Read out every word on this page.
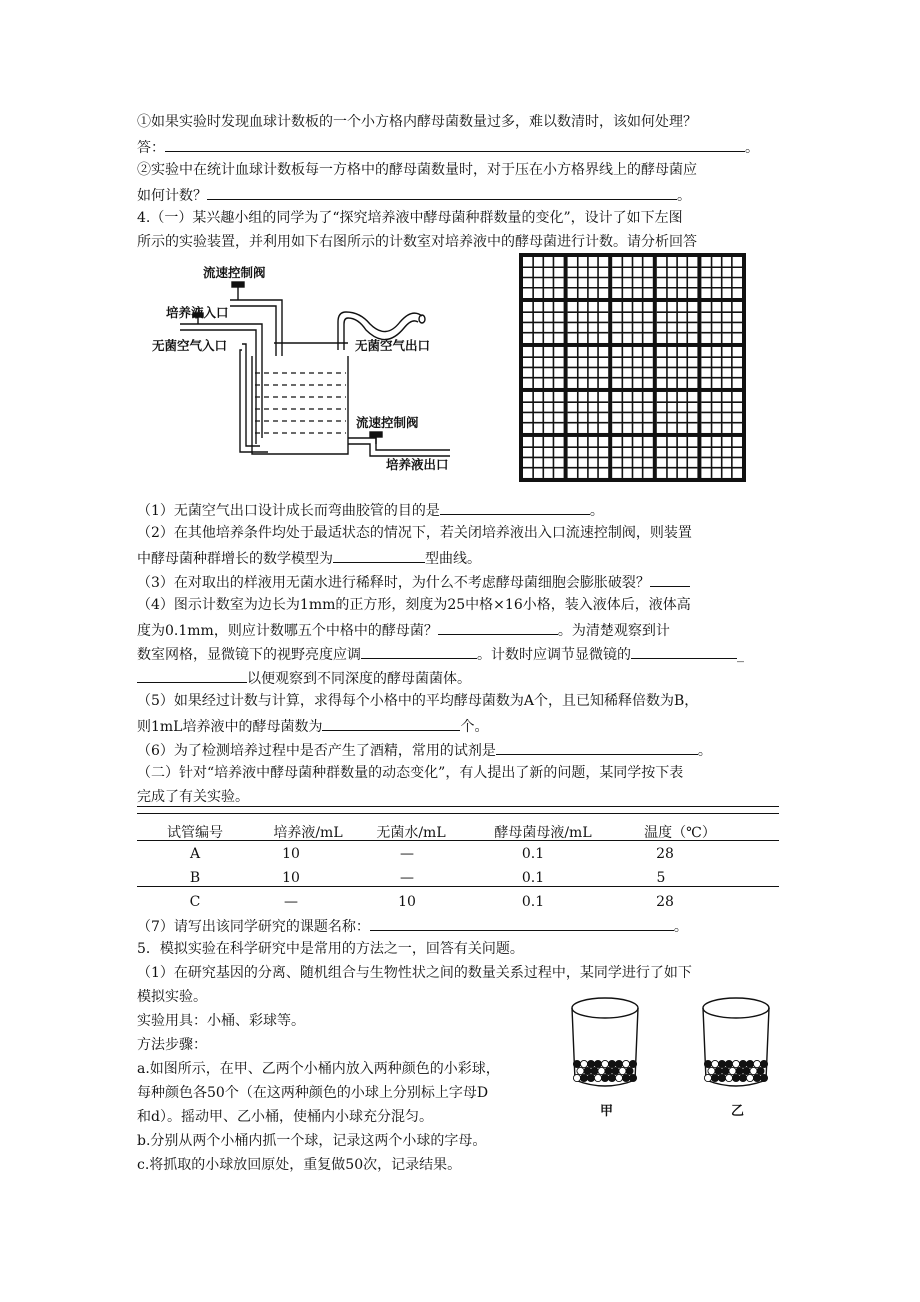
①如果实验时发现血球计数板的一个小方格内酵母菌数量过多，难以数清时，该如何处理？
答：	。
②实验中在统计血球计数板每一方格中的酵母菌数量时，对于压在小方格界线上的酵母菌应
如何计数？	。
4.（一）某兴趣小组的同学为了“探究培养液中酵母菌种群数量的变化”，设计了如下左图
所示的实验装置，并利用如下右图所示的计数室对培养液中的酵母菌进行计数。请分析回答
流速控制阀
培养液入口
无菌空气入口	无菌空气出口
流速控制阀
培养液出口
（1）无菌空气出口设计成长而弯曲胶管的目的是	。
（2）在其他培养条件均处于最适状态的情况下，若关闭培养液出入口流速控制阀，则装置
中酵母菌种群增长的数学模型为	型曲线。
（3）在对取出的样液用无菌水进行稀释时，为什么不考虑酵母菌细胞会膨胀破裂？
（4）图示计数室为边长为1mm的正方形，刻度为25中格×16小格，装入液体后，液体高
度为0.1mm，则应计数哪五个中格中的酵母菌？	。为清楚观察到计
数室网格，显微镜下的视野亮度应调	。计数时应调节显微镜的	_
以便观察到不同深度的酵母菌菌体。
（5）如果经过计数与计算，求得每个小格中的平均酵母菌数为A个，且已知稀释倍数为B，
则1mL培养液中的酵母菌数为	个。
（6）为了检测培养过程中是否产生了酒精，常用的试剂是	。
（二）针对“培养液中酵母菌种群数量的动态变化”，有人提出了新的问题，某同学按下表
完成了有关实验。
试管编号	培养液/mL	无菌水/mL	酵母菌母液/mL	温度（℃）
A	10	—	0.1	28
B	10	—	0.1	5
C	—	10	0.1	28
（7）请写出该同学研究的课题名称：	。
5．模拟实验在科学研究中是常用的方法之一，回答有关问题。
（1）在研究基因的分离、随机组合与生物性状之间的数量关系过程中，某同学进行了如下
模拟实验。
实验用具：小桶、彩球等。
方法步骤：
a.如图所示，在甲、乙两个小桶内放入两种颜色的小彩球，
每种颜色各50个（在这两种颜色的小球上分别标上字母D
和d）。摇动甲、乙小桶，使桶内小球充分混匀。
b.分别从两个小桶内抓一个球，记录这两个小球的字母。
c.将抓取的小球放回原处，重复做50次，记录结果。
甲	乙
